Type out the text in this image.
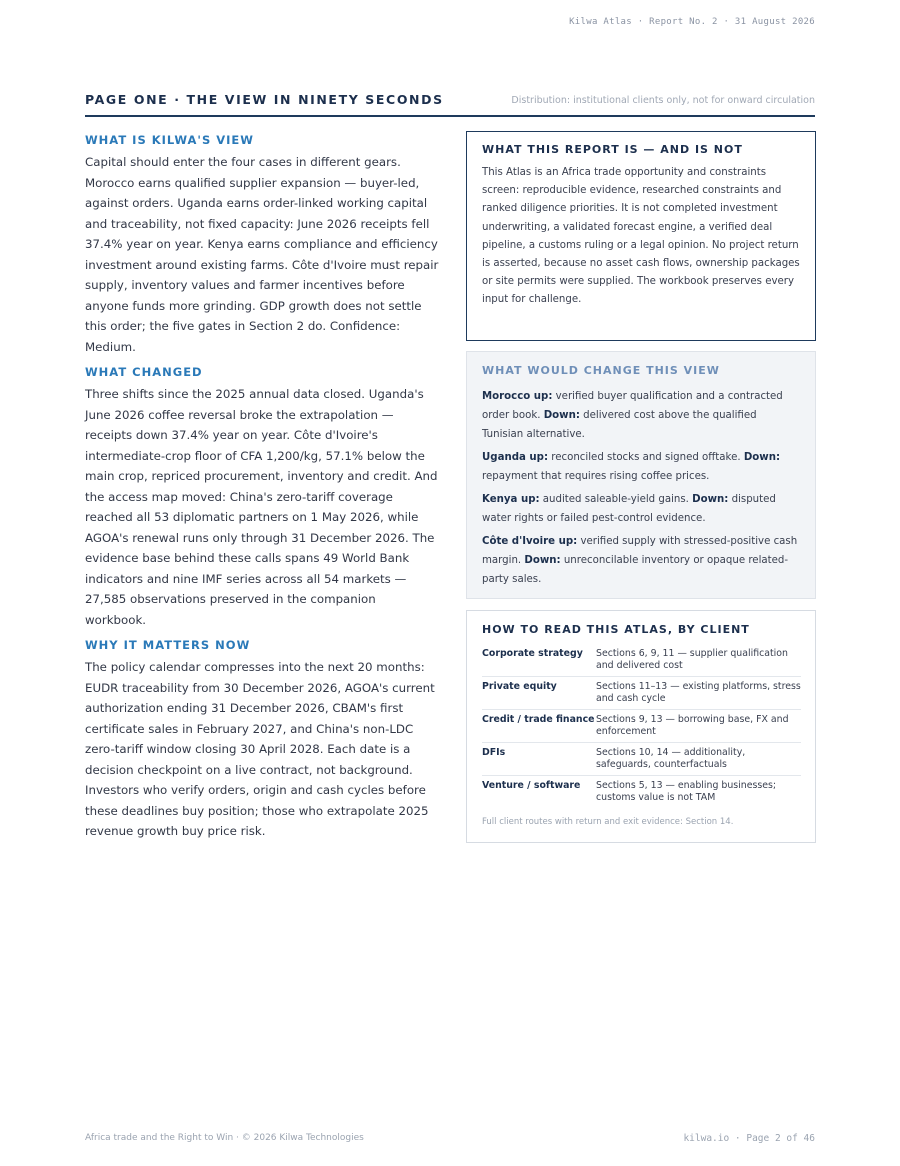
Kilwa Atlas · Report No. 2 · 31 August 2026
PAGE ONE · THE VIEW IN NINETY SECONDS	Distribution: institutional clients only, not for onward circulation
WHAT IS KILWA'S VIEW

Capital should enter the four cases in different gears. Morocco earns qualified supplier expansion — buyer-led, against orders. Uganda earns order-linked working capital and traceability, not fixed capacity: June 2026 receipts fell 37.4% year on year. Kenya earns compliance and efficiency investment around existing farms. Côte d'Ivoire must repair supply, inventory values and farmer incentives before anyone funds more grinding. GDP growth does not settle this order; the five gates in Section 2 do. Confidence: Medium.

WHAT CHANGED

Three shifts since the 2025 annual data closed. Uganda's June 2026 coffee reversal broke the extrapolation — receipts down 37.4% year on year. Côte d'Ivoire's intermediate-crop floor of CFA 1,200/kg, 57.1% below the main crop, repriced procurement, inventory and credit. And the access map moved: China's zero-tariff coverage reached all 53 diplomatic partners on 1 May 2026, while AGOA's renewal runs only through 31 December 2026. The evidence base behind these calls spans 49 World Bank indicators and nine IMF series across all 54 markets — 27,585 observations preserved in the companion workbook.

WHY IT MATTERS NOW

The policy calendar compresses into the next 20 months: EUDR traceability from 30 December 2026, AGOA's current authorization ending 31 December 2026, CBAM's first certificate sales in February 2027, and China's non-LDC zero-tariff window closing 30 April 2028. Each date is a decision checkpoint on a live contract, not background. Investors who verify orders, origin and cash cycles before these deadlines buy position; those who extrapolate 2025 revenue growth buy price risk.

WHAT THIS REPORT IS — AND IS NOT

This Atlas is an Africa trade opportunity and constraints screen: reproducible evidence, researched constraints and ranked diligence priorities. It is not completed investment underwriting, a validated forecast engine, a verified deal pipeline, a customs ruling or a legal opinion. No project return is asserted, because no asset cash flows, ownership packages or site permits were supplied. The workbook preserves every input for challenge.

WHAT WOULD CHANGE THIS VIEW

Morocco up: verified buyer qualification and a contracted order book. Down: delivered cost above the qualified Tunisian alternative.

Uganda up: reconciled stocks and signed offtake. Down: repayment that requires rising coffee prices.

Kenya up: audited saleable-yield gains. Down: disputed water rights or failed pest-control evidence.

Côte d'Ivoire up: verified supply with stressed-positive cash margin. Down: unreconcilable inventory or opaque related-party sales.

HOW TO READ THIS ATLAS, BY CLIENT
Corporate strategy	Sections 6, 9, 11 — supplier qualification and delivered cost
Private equity	Sections 11–13 — existing platforms, stress and cash cycle
Credit / trade finance Sections 9, 13 — borrowing base, FX and enforcement
DFIs	Sections 10, 14 — additionality, safeguards, counterfactuals
Venture / software	Sections 5, 13 — enabling businesses; customs value is not TAM
Full client routes with return and exit evidence: Section 14.
Africa trade and the Right to Win · © 2026 Kilwa Technologies	kilwa.io · Page 2 of 46
